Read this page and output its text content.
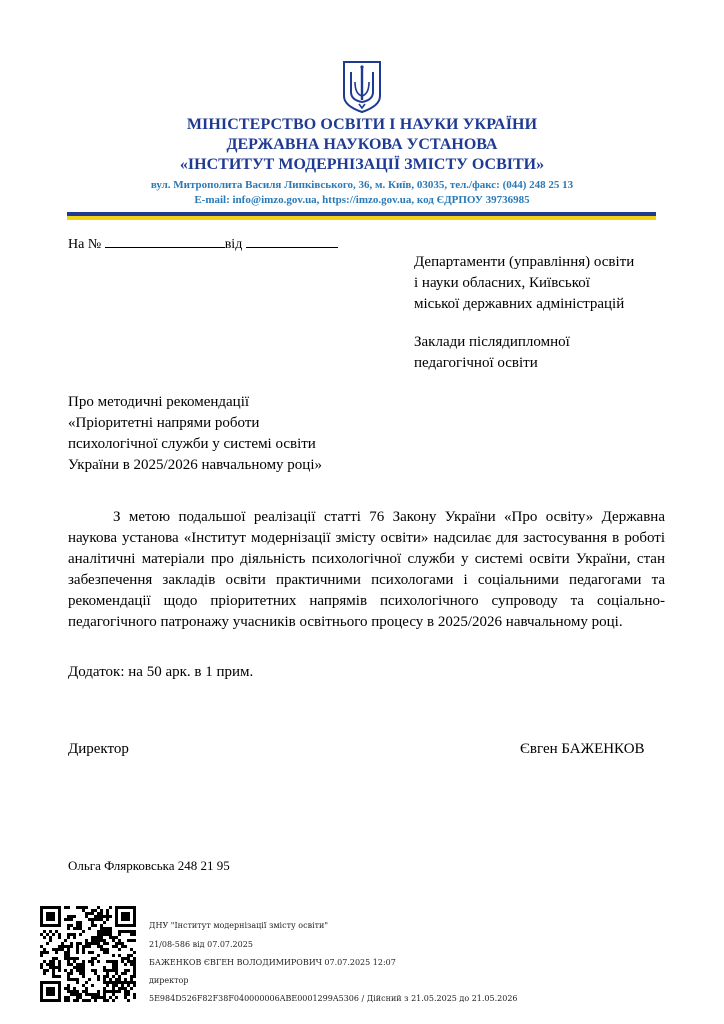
МІНІСТЕРСТВО ОСВІТИ І НАУКИ УКРАЇНИ
ДЕРЖАВНА НАУКОВА УСТАНОВА
«ІНСТИТУТ МОДЕРНІЗАЦІЇ ЗМІСТУ ОСВІТИ»
вул. Митрополита Василя Липківського, 36, м. Київ, 03035, тел./факс: (044) 248 25 13
E-mail: info@imzo.gov.ua, https://imzo.gov.ua, код ЄДРПОУ 39736985
На №	від
Департаменти (управління) освіти
і науки обласних, Київської
міської державних адміністрацій
Заклади післядипломної
педагогічної освіти
Про методичні рекомендації
«Пріоритетні напрями роботи
психологічної служби у системі освіти
України в 2025/2026 навчальному році»
З метою подальшої реалізації статті 76 Закону України «Про освіту» Державна наукова установа «Інститут модернізації змісту освіти» надсилає для застосування в роботі аналітичні матеріали про діяльність психологічної служби у системі освіти України, стан забезпечення закладів освіти практичними психологами і соціальними педагогами та рекомендації щодо пріоритетних напрямів психологічного супроводу та соціально-педагогічного патронажу учасників освітнього процесу в 2025/2026 навчальному році.
Додаток: на 50 арк. в 1 прим.
Директор	Євген БАЖЕНКОВ
Ольга Флярковська 248 21 95
ДНУ "Інститут модернізації змісту освіти"
21/08-586 від 07.07.2025
БАЖЕНКОВ ЄВГЕН ВОЛОДИМИРОВИЧ 07.07.2025 12:07
директор
5E984D526F82F38F040000006ABE0001299A5306 / Дійсний з 21.05.2025 до 21.05.2026
